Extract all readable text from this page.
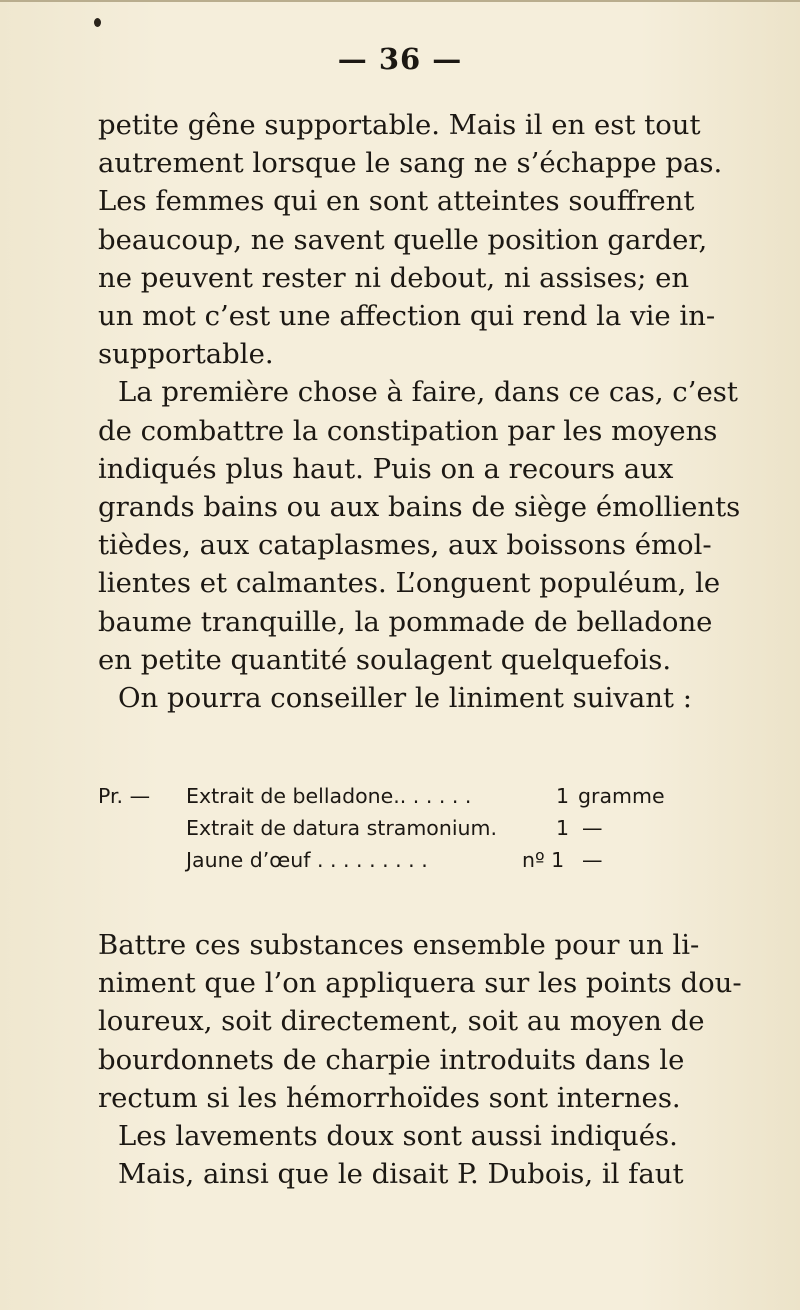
— 36 —
petite gêne supportable. Mais il en est tout
autrement lorsque le sang ne s’échappe pas.
Les femmes qui en sont atteintes souffrent
beaucoup, ne savent quelle position garder,
ne peuvent rester ni debout, ni assises; en
un mot c’est une affection qui rend la vie in-
supportable.
La première chose à faire, dans ce cas, c’est
de combattre la constipation par les moyens
indiqués plus haut. Puis on a recours aux
grands bains ou aux bains de siège émollients
tièdes, aux cataplasmes, aux boissons émol-
lientes et calmantes. L’onguent populéum, le
baume tranquille, la pommade de belladone
en petite quantité soulagent quelquefois.
On pourra conseiller le liniment suivant :
Pr. — Extrait de belladone.. . . . . .	1 gramme
Extrait de datura stramonium.	1 —
Jaune d’œuf . . . . . . . . .	nº 1 —
Battre ces substances ensemble pour un li-
niment que l’on appliquera sur les points dou-
loureux, soit directement, soit au moyen de
bourdonnets de charpie introduits dans le
rectum si les hémorrhoïdes sont internes.
Les lavements doux sont aussi indiqués.
Mais, ainsi que le disait P. Dubois, il faut
